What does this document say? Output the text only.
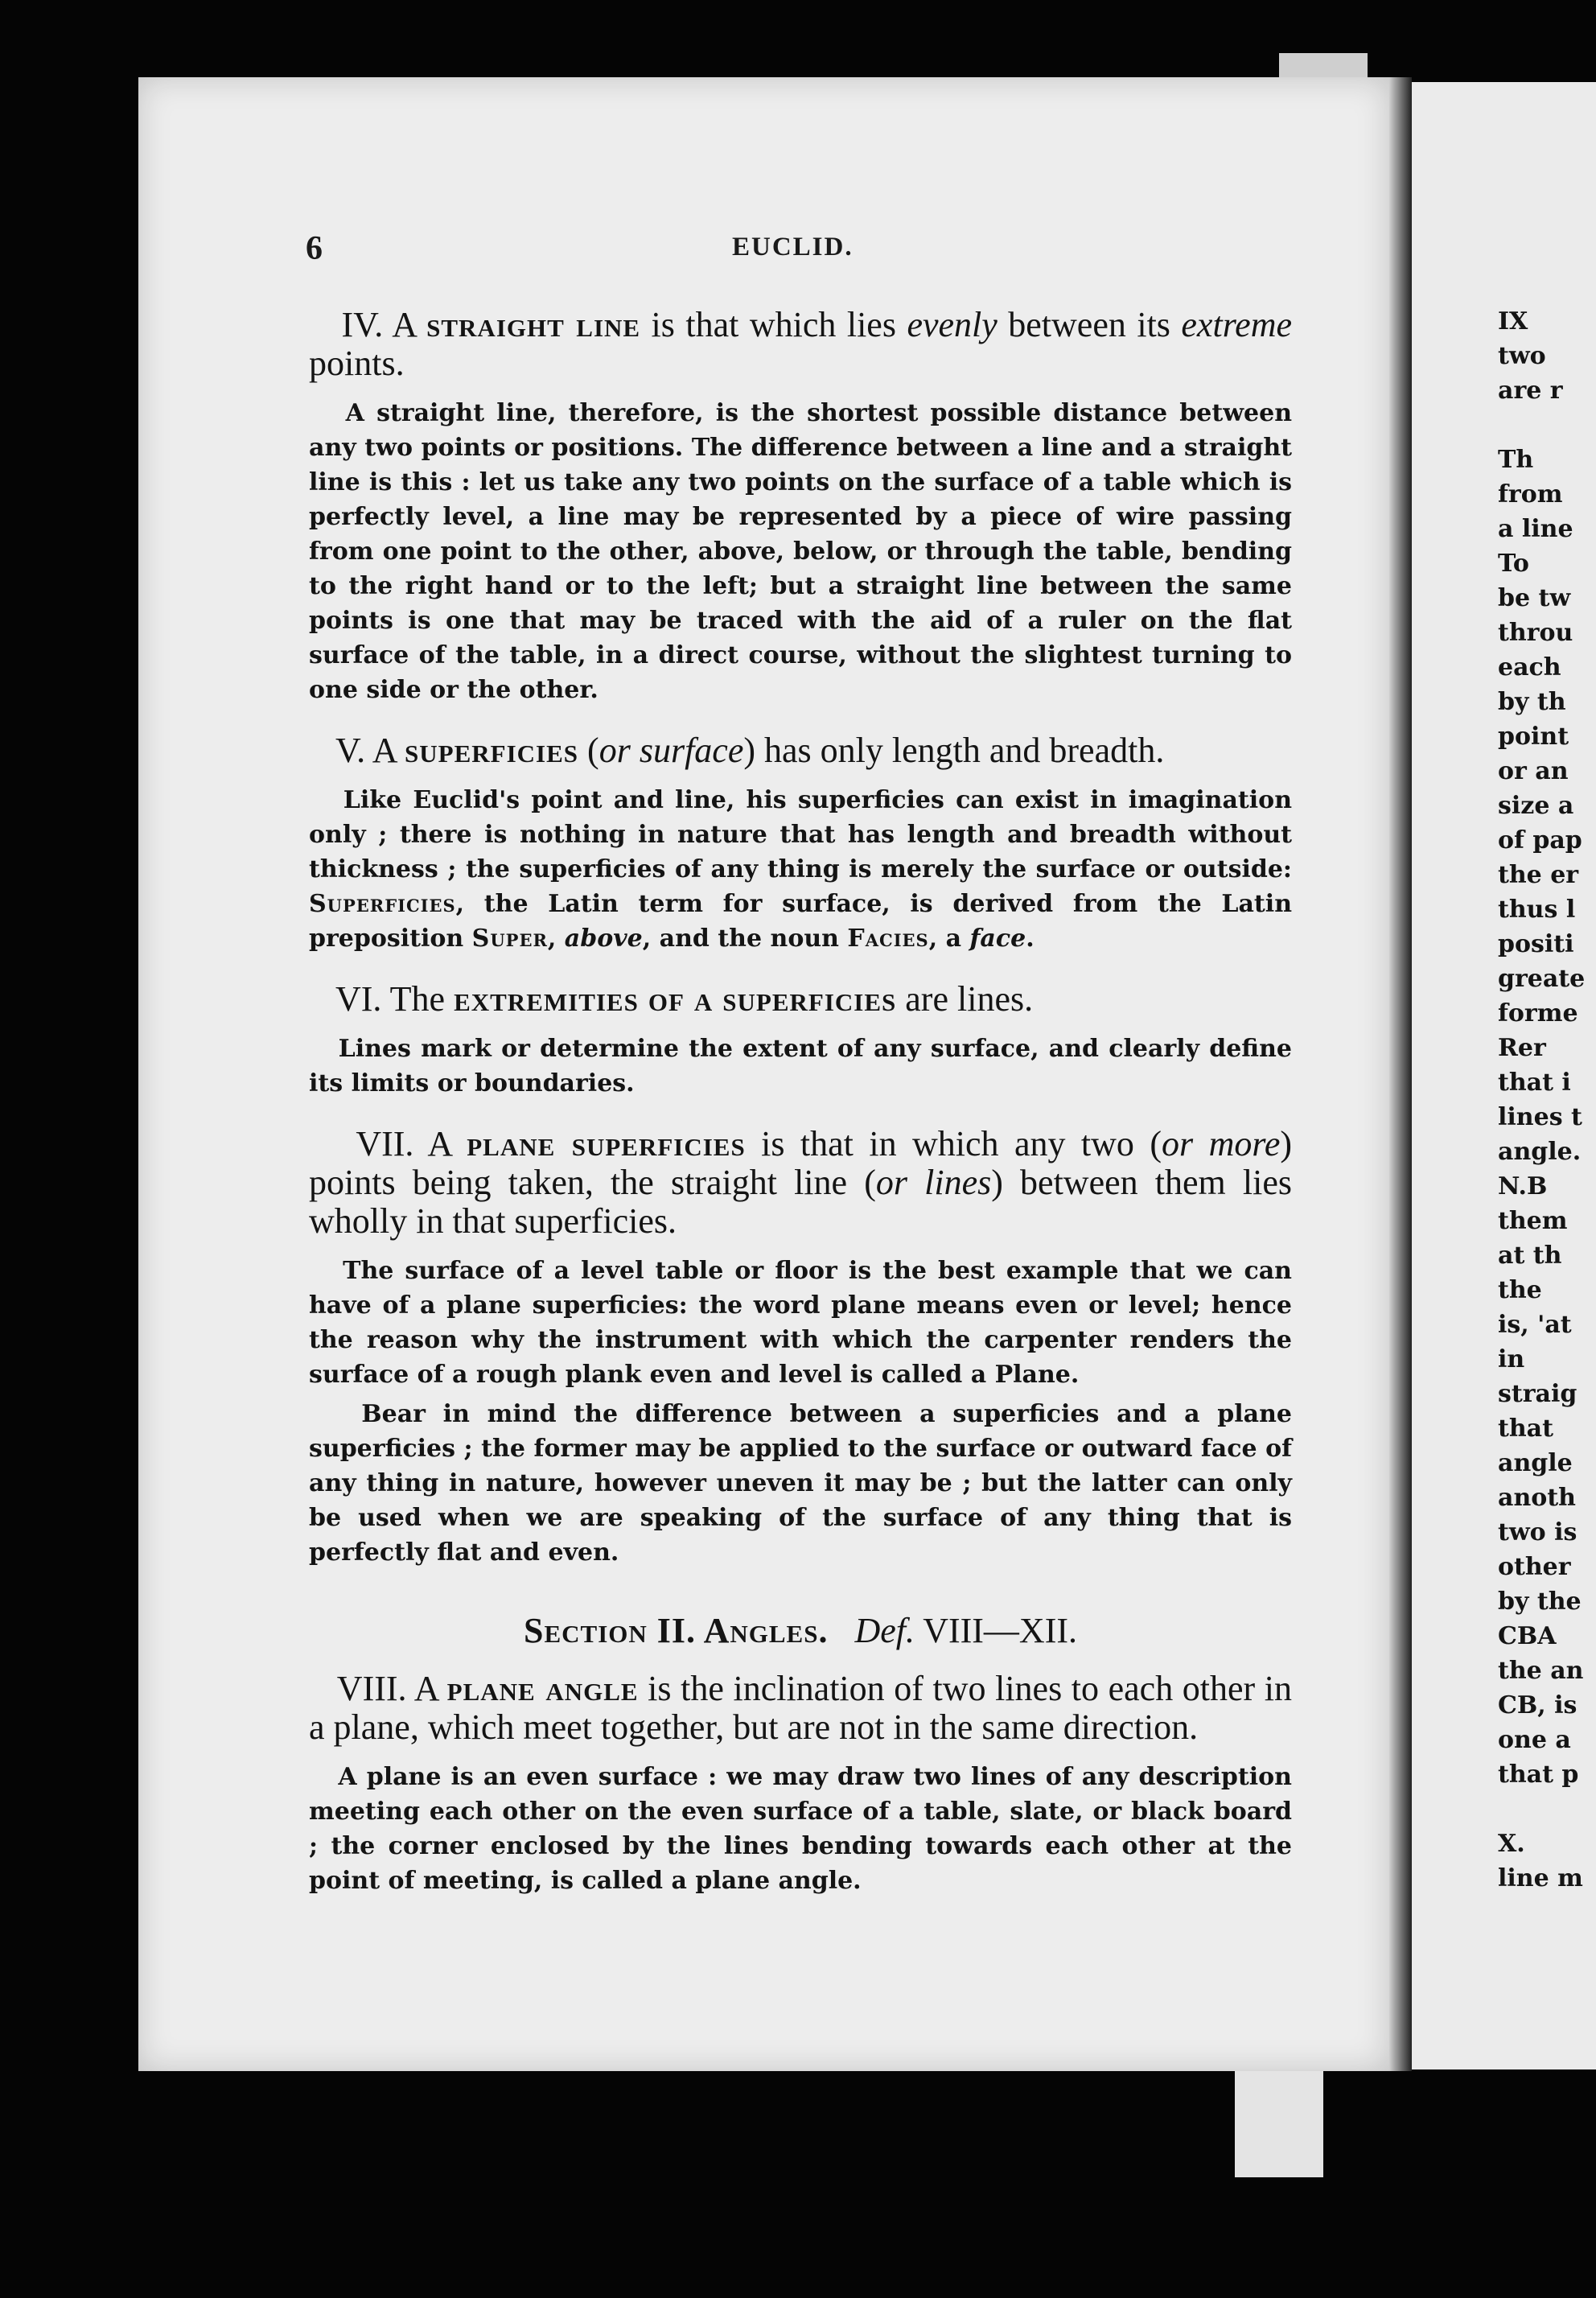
6	EUCLID.

IV. A straight line is that which lies evenly between its extreme points.

A straight line, therefore, is the shortest possible distance between any two points or positions. The difference between a line and a straight line is this : let us take any two points on the surface of a table which is perfectly level, a line may be represented by a piece of wire passing from one point to the other, above, below, or through the table, bending to the right hand or to the left; but a straight line between the same points is one that may be traced with the aid of a ruler on the flat surface of the table, in a direct course, without the slightest turning to one side or the other.

V. A superficies (or surface) has only length and breadth.

Like Euclid's point and line, his superficies can exist in imagination only ; there is nothing in nature that has length and breadth without thickness ; the superficies of any thing is merely the surface or outside: Superficies, the Latin term for surface, is derived from the Latin preposition Super, above, and the noun Facies, a face.

VI. The extremities of a superficies are lines.

Lines mark or determine the extent of any surface, and clearly define its limits or boundaries.

VII. A plane superficies is that in which any two (or more) points being taken, the straight line (or lines) between them lies wholly in that superficies.

The surface of a level table or floor is the best example that we can have of a plane superficies: the word plane means even or level; hence the reason why the instrument with which the carpenter renders the surface of a rough plank even and level is called a Plane.

Bear in mind the difference between a superficies and a plane superficies ; the former may be applied to the surface or outward face of any thing in nature, however uneven it may be ; but the latter can only be used when we are speaking of the surface of any thing that is perfectly flat and even.

Section II. Angles. Def. VIII—XII.

VIII. A plane angle is the inclination of two lines to each other in a plane, which meet together, but are not in the same direction.

A plane is an even surface : we may draw two lines of any description meeting each other on the even surface of a table, slate, or black board ; the corner enclosed by the lines bending towards each other at the point of meeting, is called a plane angle.

IX
two
are r
Th
from
a line
To
be tw
throu
each
by th
point
or an
size a
of pap
the er
thus l
positi
greate
forme
Rer
that i
lines t
angle.
N.B
them
at th
the
is, 'at
in
straig
that
angle
anoth
two is
other
by the
CBA
the an
CB, is
one a
that p
X.
line m
